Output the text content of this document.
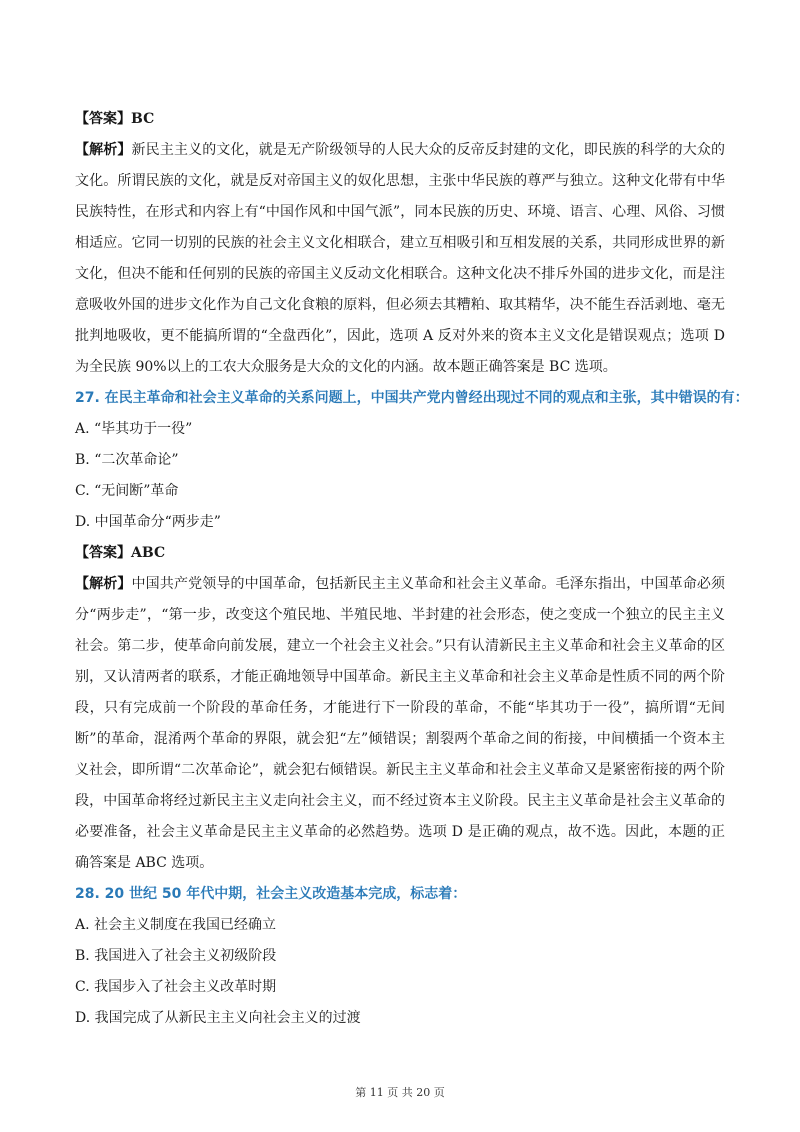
【答案】BC
【解析】新民主主义的文化，就是无产阶级领导的人民大众的反帝反封建的文化，即民族的科学的大众的文化。所谓民族的文化，就是反对帝国主义的奴化思想，主张中华民族的尊严与独立。这种文化带有中华民族特性，在形式和内容上有“中国作风和中国气派”，同本民族的历史、环境、语言、心理、风俗、习惯相适应。它同一切别的民族的社会主义文化相联合，建立互相吸引和互相发展的关系，共同形成世界的新文化，但决不能和任何别的民族的帝国主义反动文化相联合。这种文化决不排斥外国的进步文化，而是注意吸收外国的进步文化作为自己文化食粮的原料，但必须去其糟粕、取其精华，决不能生吞活剥地、毫无批判地吸收，更不能搞所谓的“全盘西化”，因此，选项 A 反对外来的资本主义文化是错误观点；选项 D 为全民族 90%以上的工农大众服务是大众的文化的内涵。故本题正确答案是 BC 选项。
27. 在民主革命和社会主义革命的关系问题上，中国共产党内曾经出现过不同的观点和主张，其中错误的有：
A. “毕其功于一役”
B. “二次革命论”
C. “无间断”革命
D. 中国革命分“两步走”
【答案】ABC
【解析】中国共产党领导的中国革命，包括新民主主义革命和社会主义革命。毛泽东指出，中国革命必须分“两步走”，“第一步，改变这个殖民地、半殖民地、半封建的社会形态，使之变成一个独立的民主主义社会。第二步，使革命向前发展，建立一个社会主义社会。”只有认清新民主主义革命和社会主义革命的区别，又认清两者的联系，才能正确地领导中国革命。新民主主义革命和社会主义革命是性质不同的两个阶段，只有完成前一个阶段的革命任务，才能进行下一阶段的革命，不能“毕其功于一役”，搞所谓“无间断”的革命，混淆两个革命的界限，就会犯“左”倾错误；割裂两个革命之间的衔接，中间横插一个资本主义社会，即所谓“二次革命论”，就会犯右倾错误。新民主主义革命和社会主义革命又是紧密衔接的两个阶段，中国革命将经过新民主主义走向社会主义，而不经过资本主义阶段。民主主义革命是社会主义革命的必要准备，社会主义革命是民主主义革命的必然趋势。选项 D 是正确的观点，故不选。因此，本题的正确答案是 ABC 选项。
28. 20 世纪 50 年代中期，社会主义改造基本完成，标志着：
A. 社会主义制度在我国已经确立
B. 我国进入了社会主义初级阶段
C. 我国步入了社会主义改革时期
D. 我国完成了从新民主主义向社会主义的过渡
第 11 页 共 20 页
